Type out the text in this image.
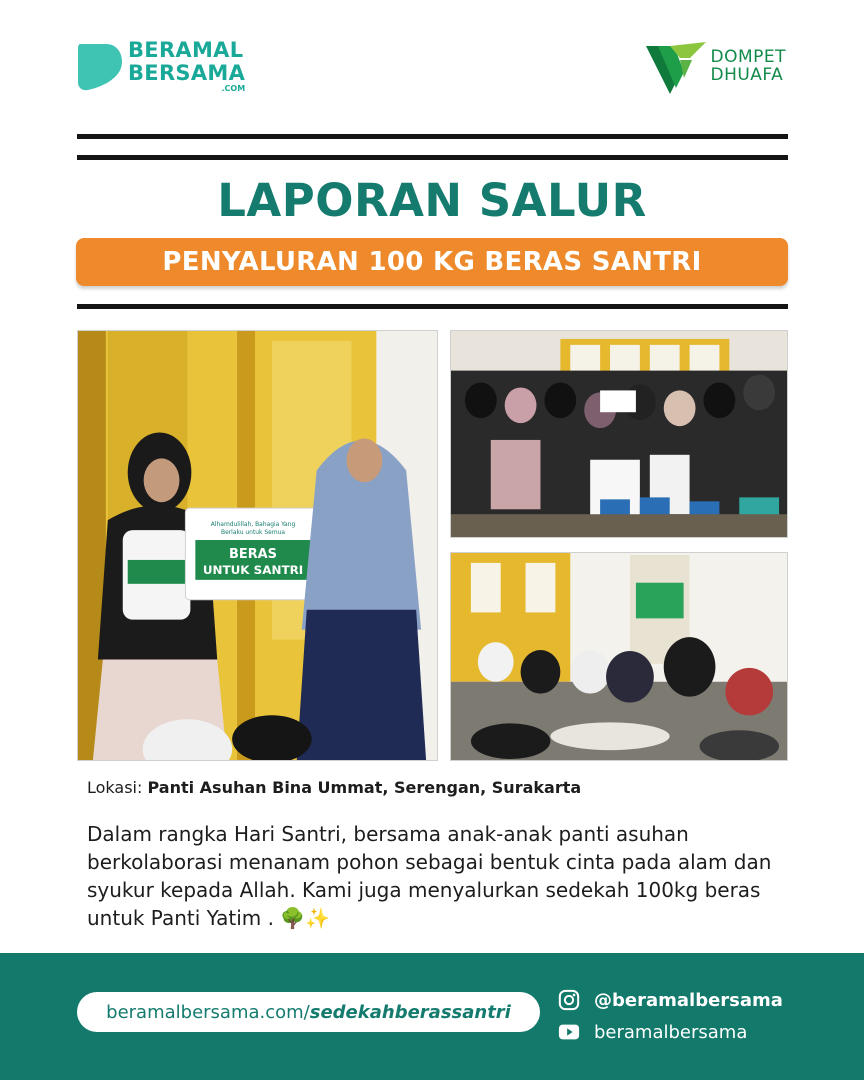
BERAMAL
BERSAMA
.COM
DOMPET
DHUAFA
LAPORAN SALUR
PENYALURAN 100 KG BERAS SANTRI
Alhamdulillah, Bahagia Yang
Berlaku untuk Semua
BERAS
UNTUK SANTRI
Lokasi: Panti Asuhan Bina Ummat, Serengan, Surakarta
Dalam rangka Hari Santri, bersama anak-anak panti asuhan berkolaborasi menanam pohon sebagai bentuk cinta pada alam dan syukur kepada Allah. Kami juga menyalurkan sedekah 100kg beras untuk Panti Yatim . 🌳✨
beramalbersama.com/ sedekahberassantri
@beramalbersama
beramalbersama
